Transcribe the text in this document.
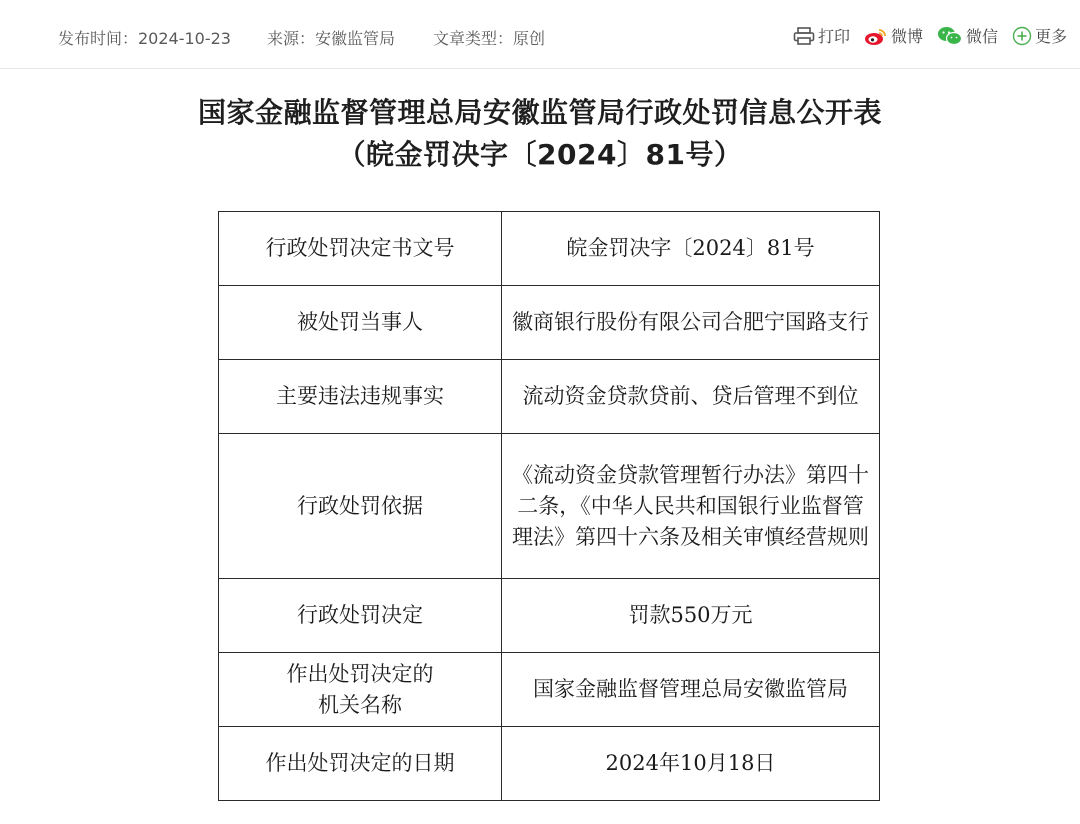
发布时间：2024-10-23 来源：安徽监管局 文章类型：原创	打印	微博	微信 更多
国家金融监督管理总局安徽监管局行政处罚信息公开表
（皖金罚决字〔2024〕81号）
行政处罚决定书文号	皖金罚决字〔2024〕81号
被处罚当事人	徽商银行股份有限公司合肥宁国路支行
主要违法违规事实	流动资金贷款贷前、贷后管理不到位
行政处罚依据	《流动资金贷款管理暂行办法》第四十二条，《中华人民共和国银行业监督管理法》第四十六条及相关审慎经营规则
行政处罚决定	罚款550万元
作出处罚决定的机关名称	国家金融监督管理总局安徽监管局
作出处罚决定的日期	2024年10月18日
